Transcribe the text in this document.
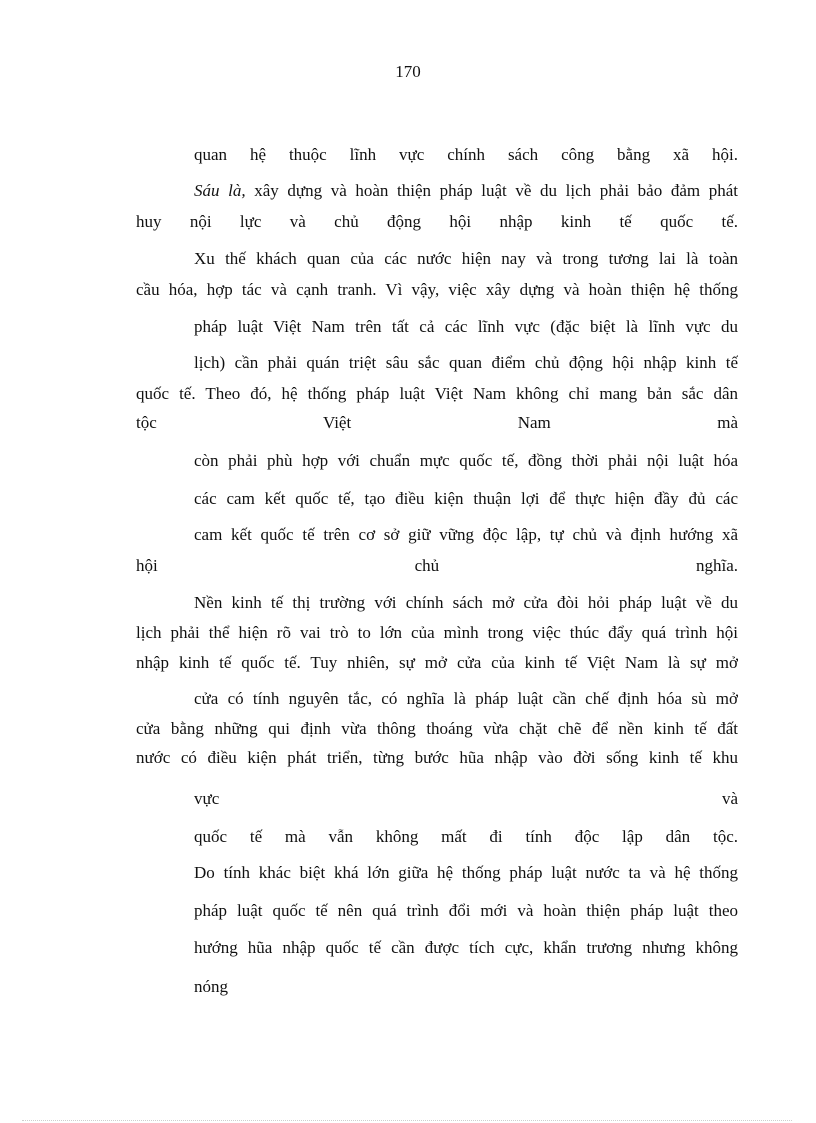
170
quan hệ thuộc lĩnh vực chính sách công bằng xã hội.
Sáu là, xây dựng và hoàn thiện pháp luật về du lịch phải bảo đảm phát
huy nội lực và chủ động hội nhập kinh tế quốc tế.
Xu thế khách quan của các nước hiện nay và trong tương lai là toàn
cầu hóa, hợp tác và cạnh tranh. Vì vậy, việc xây dựng và hoàn thiện hệ thống
pháp luật Việt Nam trên tất cả các lĩnh vực (đặc biệt là lĩnh vực du
lịch) cần phải quán triệt sâu sắc quan điểm chủ động hội nhập kinh tế
quốc tế. Theo đó, hệ thống pháp luật Việt Nam không chỉ mang bản sắc dân
tộc Việt Nam mà
còn phải phù hợp với chuẩn mực quốc tế, đồng thời phải nội luật hóa
các cam kết quốc tế, tạo điều kiện thuận lợi để thực hiện đầy đủ các
cam kết quốc tế trên cơ sở giữ vững độc lập, tự chủ và định hướng xã
hội chủ nghĩa.
Nền kinh tế thị trường với chính sách mở cửa đòi hỏi pháp luật về du
lịch phải thể hiện rõ vai trò to lớn của mình trong việc thúc đẩy quá trình hội
nhập kinh tế quốc tế. Tuy nhiên, sự mở cửa của kinh tế Việt Nam là sự mở
cửa có tính nguyên tắc, có nghĩa là pháp luật cần chế định hóa sù mở
cửa bằng những qui định vừa thông thoáng vừa chặt chẽ để nền kinh tế đất
nước có điều kiện phát triển, từng bước hũa nhập vào đời sống kinh tế khu
vực và
quốc tế mà vẫn không mất đi tính độc lập dân tộc.
Do tính khác biệt khá lớn giữa hệ thống pháp luật nước ta và hệ thống
pháp luật quốc tế nên quá trình đổi mới và hoàn thiện pháp luật theo
hướng hũa nhập quốc tế cần được tích cực, khẩn trương nhưng không
nóng
